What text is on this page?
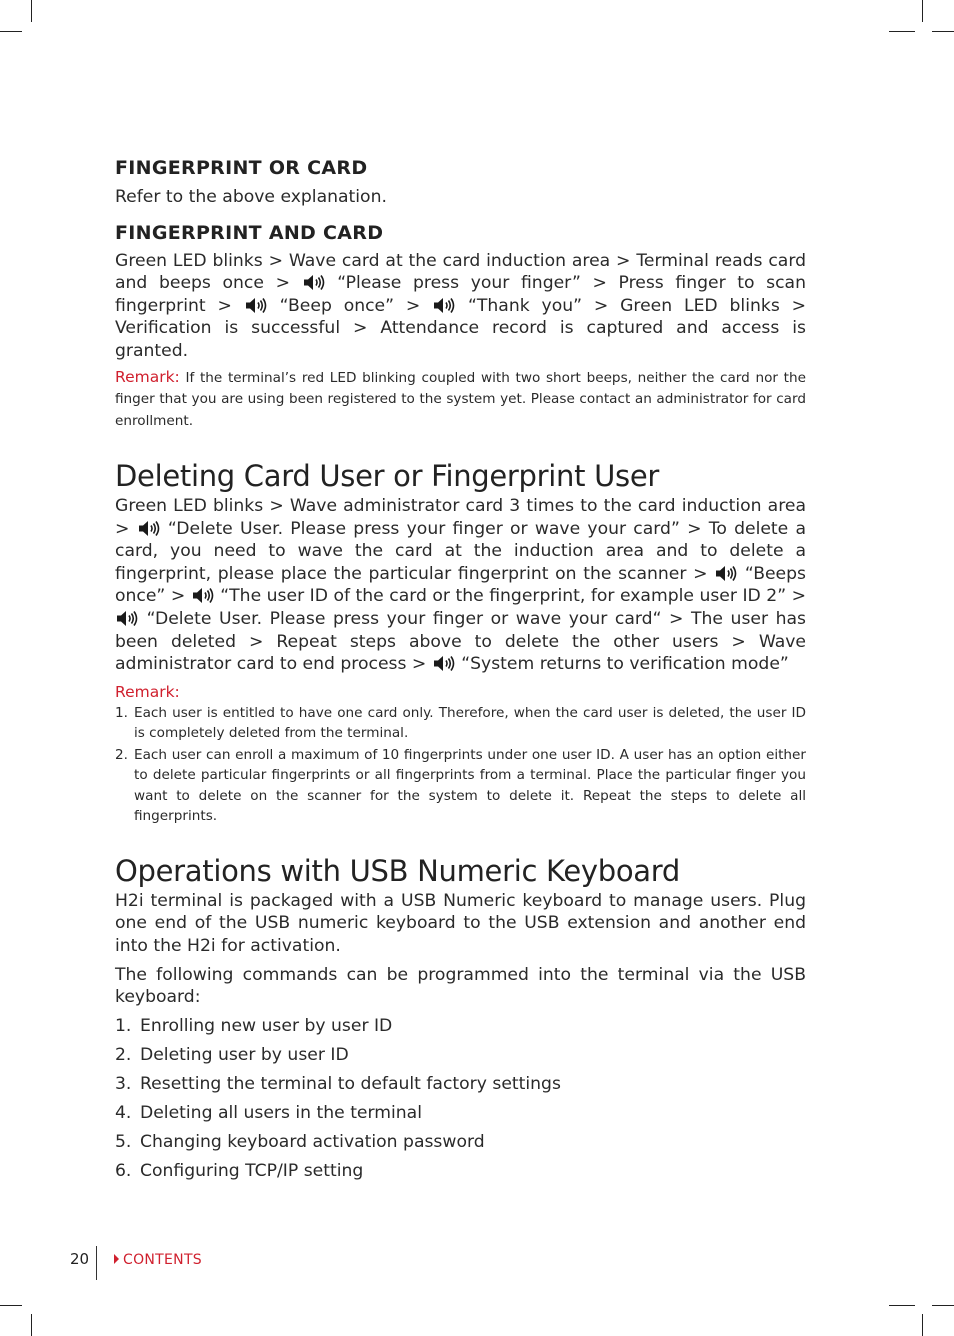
FINGERPRINT OR CARD

Refer to the above explanation.

FINGERPRINT AND CARD

Green LED blinks > Wave card at the card induction area > Terminal reads card and beeps once >	“Please press your finger” > Press finger to scan fingerprint >	“Beep once” >	“Thank you” > Green LED blinks > Verification is successful > Attendance record is captured and access is granted.

Remark: If the terminal’s red LED blinking coupled with two short beeps, neither the card nor the finger that you are using been registered to the system yet. Please contact an administrator for card enrollment.

Deleting Card User or Fingerprint User

Green LED blinks > Wave administrator card 3 times to the card induction area > “Delete User. Please press your finger or wave your card” > To delete a card, you need to wave the card at the induction area and to delete a fingerprint, please place the particular fingerprint on the scanner > “Beeps once” > “The user ID of the card or the fingerprint, for example user ID 2” >  “Delete User. Please press your finger or wave your card“ > The user has been deleted > Repeat steps above to delete the other users > Wave administrator card to end process > “System returns to verification mode”

Remark:
1. Each user is entitled to have one card only. Therefore, when the card user is deleted, the user ID is completely deleted from the terminal.
2. Each user can enroll a maximum of 10 fingerprints under one user ID. A user has an option either to delete particular fingerprints or all fingerprints from a terminal. Place the particular finger you want to delete on the scanner for the system to delete it. Repeat the steps to delete all fingerprints.
Operations with USB Numeric Keyboard

H2i terminal is packaged with a USB Numeric keyboard to manage users. Plug one end of the USB numeric keyboard to the USB extension and another end into the H2i for activation.

The following commands can be programmed into the terminal via the USB keyboard:

1. Enrolling new user by user ID
2. Deleting user by user ID
3. Resetting the terminal to default factory settings
4. Deleting all users in the terminal
5. Changing keyboard activation password
6. Configuring TCP/IP setting
20	CONTENTS
